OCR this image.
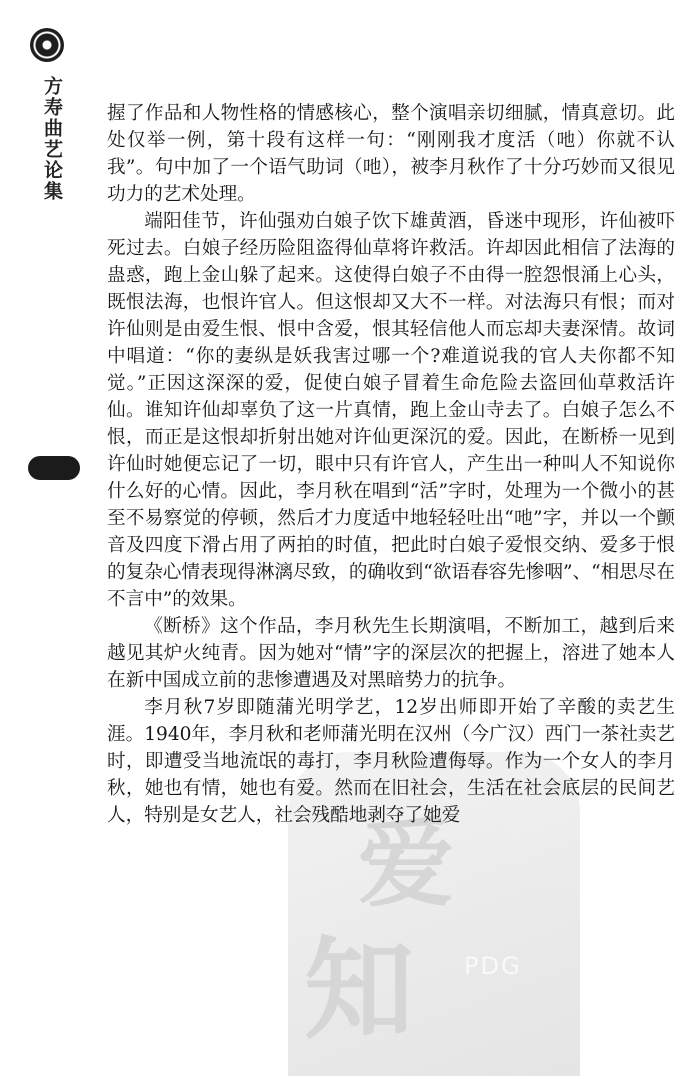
方寿曲艺论集
爱
知 PDG

握了作品和人物性格的情感核心，整个演唱亲切细腻，情真意切。此处仅举一例，第十段有这样一句：“刚刚我才度活（吔）你就不认我”。句中加了一个语气助词（吔），被李月秋作了十分巧妙而又很见功力的艺术处理。

端阳佳节，许仙强劝白娘子饮下雄黄酒，昏迷中现形，许仙被吓死过去。白娘子经历险阻盗得仙草将许救活。许却因此相信了法海的蛊惑，跑上金山躲了起来。这使得白娘子不由得一腔怨恨涌上心头，既恨法海，也恨许官人。但这恨却又大不一样。对法海只有恨；而对许仙则是由爱生恨、恨中含爱，恨其轻信他人而忘却夫妻深情。故词中唱道：“你的妻纵是妖我害过哪一个?难道说我的官人夫你都不知觉。”正因这深深的爱，促使白娘子冒着生命危险去盗回仙草救活许仙。谁知许仙却辜负了这一片真情，跑上金山寺去了。白娘子怎么不恨，而正是这恨却折射出她对许仙更深沉的爱。因此，在断桥一见到许仙时她便忘记了一切，眼中只有许官人，产生出一种叫人不知说你什么好的心情。因此，李月秋在唱到“活”字时，处理为一个微小的甚至不易察觉的停顿，然后才力度适中地轻轻吐出“吔”字，并以一个颤音及四度下滑占用了两拍的时值，把此时白娘子爱恨交纳、爱多于恨的复杂心情表现得淋漓尽致，的确收到“欲语春容先惨咽”、“相思尽在不言中”的效果。

《断桥》这个作品，李月秋先生长期演唱，不断加工，越到后来越见其炉火纯青。因为她对“情”字的深层次的把握上，溶进了她本人在新中国成立前的悲惨遭遇及对黑暗势力的抗争。

李月秋7岁即随蒲光明学艺，12岁出师即开始了辛酸的卖艺生涯。1940年，李月秋和老师蒲光明在汉州（今广汉）西门一茶社卖艺时，即遭受当地流氓的毒打，李月秋险遭侮辱。作为一个女人的李月秋，她也有情，她也有爱。然而在旧社会，生活在社会底层的民间艺人，特别是女艺人，社会残酷地剥夺了她爱
